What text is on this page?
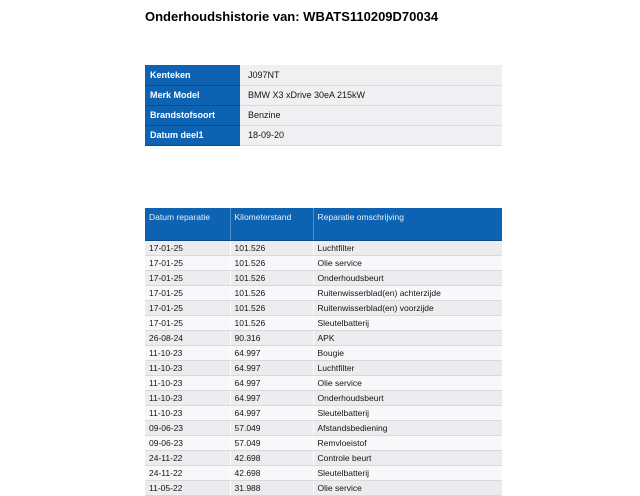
Onderhoudshistorie van: WBATS110209D70034
Kenteken	J097NT
Merk Model	BMW X3 xDrive 30eA 215kW
Brandstofsoort	Benzine
Datum deel1	18-09-20
Datum reparatie	Kilometerstand	Reparatie omschrijving
17-01-25	101.526	Luchtfilter
17-01-25	101.526	Olie service
17-01-25	101.526	Onderhoudsbeurt
17-01-25	101.526	Ruitenwisserblad(en) achterzijde
17-01-25	101.526	Ruitenwisserblad(en) voorzijde
17-01-25	101.526	Sleutelbatterij
26-08-24	90.316	APK
11-10-23	64.997	Bougie
11-10-23	64.997	Luchtfilter
11-10-23	64.997	Olie service
11-10-23	64.997	Onderhoudsbeurt
11-10-23	64.997	Sleutelbatterij
09-06-23	57.049	Afstandsbediening
09-06-23	57.049	Remvloeistof
24-11-22	42.698	Controle beurt
24-11-22	42.698	Sleutelbatterij
11-05-22	31.988	Olie service
